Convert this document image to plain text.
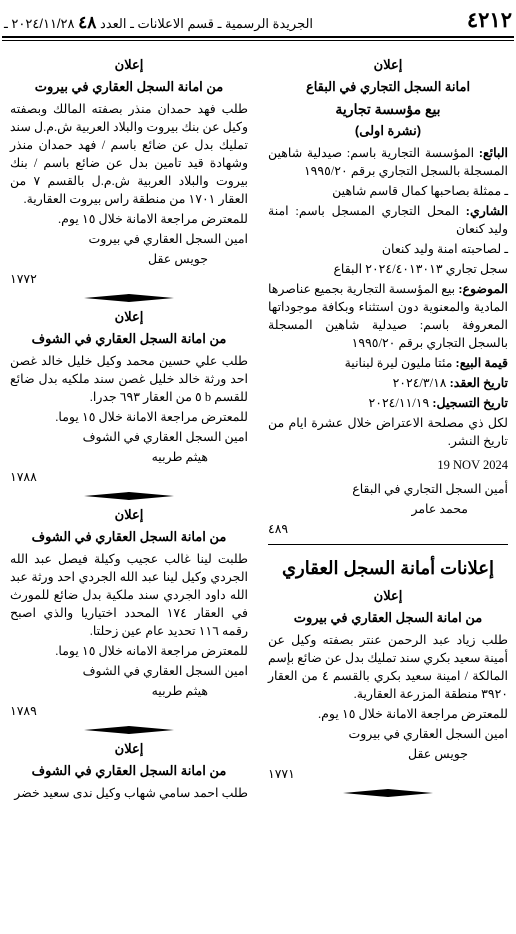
٤٢١٢
الجريدة الرسمية ـ قسم الاعلانات ـ العدد ٤٨ ٢٠٢٤/١١/٢٨ ـ
إعلان
امانة السجل التجاري في البقاع
بيع مؤسسة تجارية
(نشرة اولى)

البائع: المؤسسة التجارية باسم: صيدلية شاهين المسجلة بالسجل التجاري برقم ١٩٩٥/٢٠

ـ ممثلة بصاحبها كمال قاسم شاهين

الشاري: المحل التجاري المسجل باسم: امنة وليد كنعان

ـ لصاحبته امنة وليد كنعان

سجل تجاري ٢٠٢٤/٤٠١٣٠١٣ البقاع

الموضوع: بيع المؤسسة التجارية بجميع عناصرها المادية والمعنوية دون استثناء وبكافة موجوداتها المعروفة باسم: صيدلية شاهين المسجلة بالسجل التجاري برقم ١٩٩٥/٢٠

قيمة البيع: مئتا مليون ليرة لبنانية

تاريخ العقد: ٢٠٢٤/٣/١٨

تاريخ التسجيل: ٢٠٢٤/١١/١٩

لكل ذي مصلحة الاعتراض خلال عشرة ايام من تاريخ النشر.

19 NOV 2024

أمين السجل التجاري في البقاع

محمد عامر

٤٨٩

إعلانات أمانة السجل العقاري
إعلان
من امانة السجل العقاري في بيروت

طلب زياد عبد الرحمن عنتر بصفته وكيل عن أمينة سعيد بكري سند تمليك بدل عن ضائع بإسم المالكة / امينة سعيد بكري بالقسم ٤ من العقار ٣٩٢٠ منطقة المزرعة العقارية.

للمعترض مراجعة الامانة خلال ١٥ يوم.

امين السجل العقاري في بيروت

جويس عقل

١٧٧١

إعلان
من امانة السجل العقاري في بيروت

طلب فهد حمدان منذر بصفته المالك وبصفته وكيل عن بنك بيروت والبلاد العربية ش.م.ل سند تمليك بدل عن ضائع باسم / فهد حمدان منذر وشهادة قيد تامين بدل عن ضائع باسم / بنك بيروت والبلاد العربية ش.م.ل بالقسم ٧ من العقار ١٧٠١ من منطقة راس بيروت العقارية.

للمعترض مراجعة الامانة خلال ١٥ يوم.

امين السجل العقاري في بيروت

جويس عقل

١٧٧٢

إعلان
من امانة السجل العقاري في الشوف

طلب علي حسين محمد وكيل خليل خالد غصن احد ورثة خالد خليل غصن سند ملكيه بدل ضائع للقسم b ٥ من العقار ٦٩٣ جدرا.

للمعترض مراجعة الامانة خلال ١٥ يوما.

امين السجل العقاري في الشوف

هيثم طربيه

١٧٨٨

إعلان
من امانة السجل العقاري في الشوف

طلبت لينا غالب عجيب وكيلة فيصل عبد الله الجردي وكيل لينا عبد الله الجردي احد ورثة عبد الله داود الجردي سند ملكية بدل ضائع للمورث في العقار ١٧٤ المحدد اختياريا والذي اصبح رقمه ١١٦ تحديد عام عين زحلتا.

للمعترض مراجعة الامانه خلال ١٥ يوما.

امين السجل العقاري في الشوف

هيثم طربيه

١٧٨٩

إعلان
من امانة السجل العقاري في الشوف

طلب احمد سامي شهاب وكيل ندى سعيد خضر
